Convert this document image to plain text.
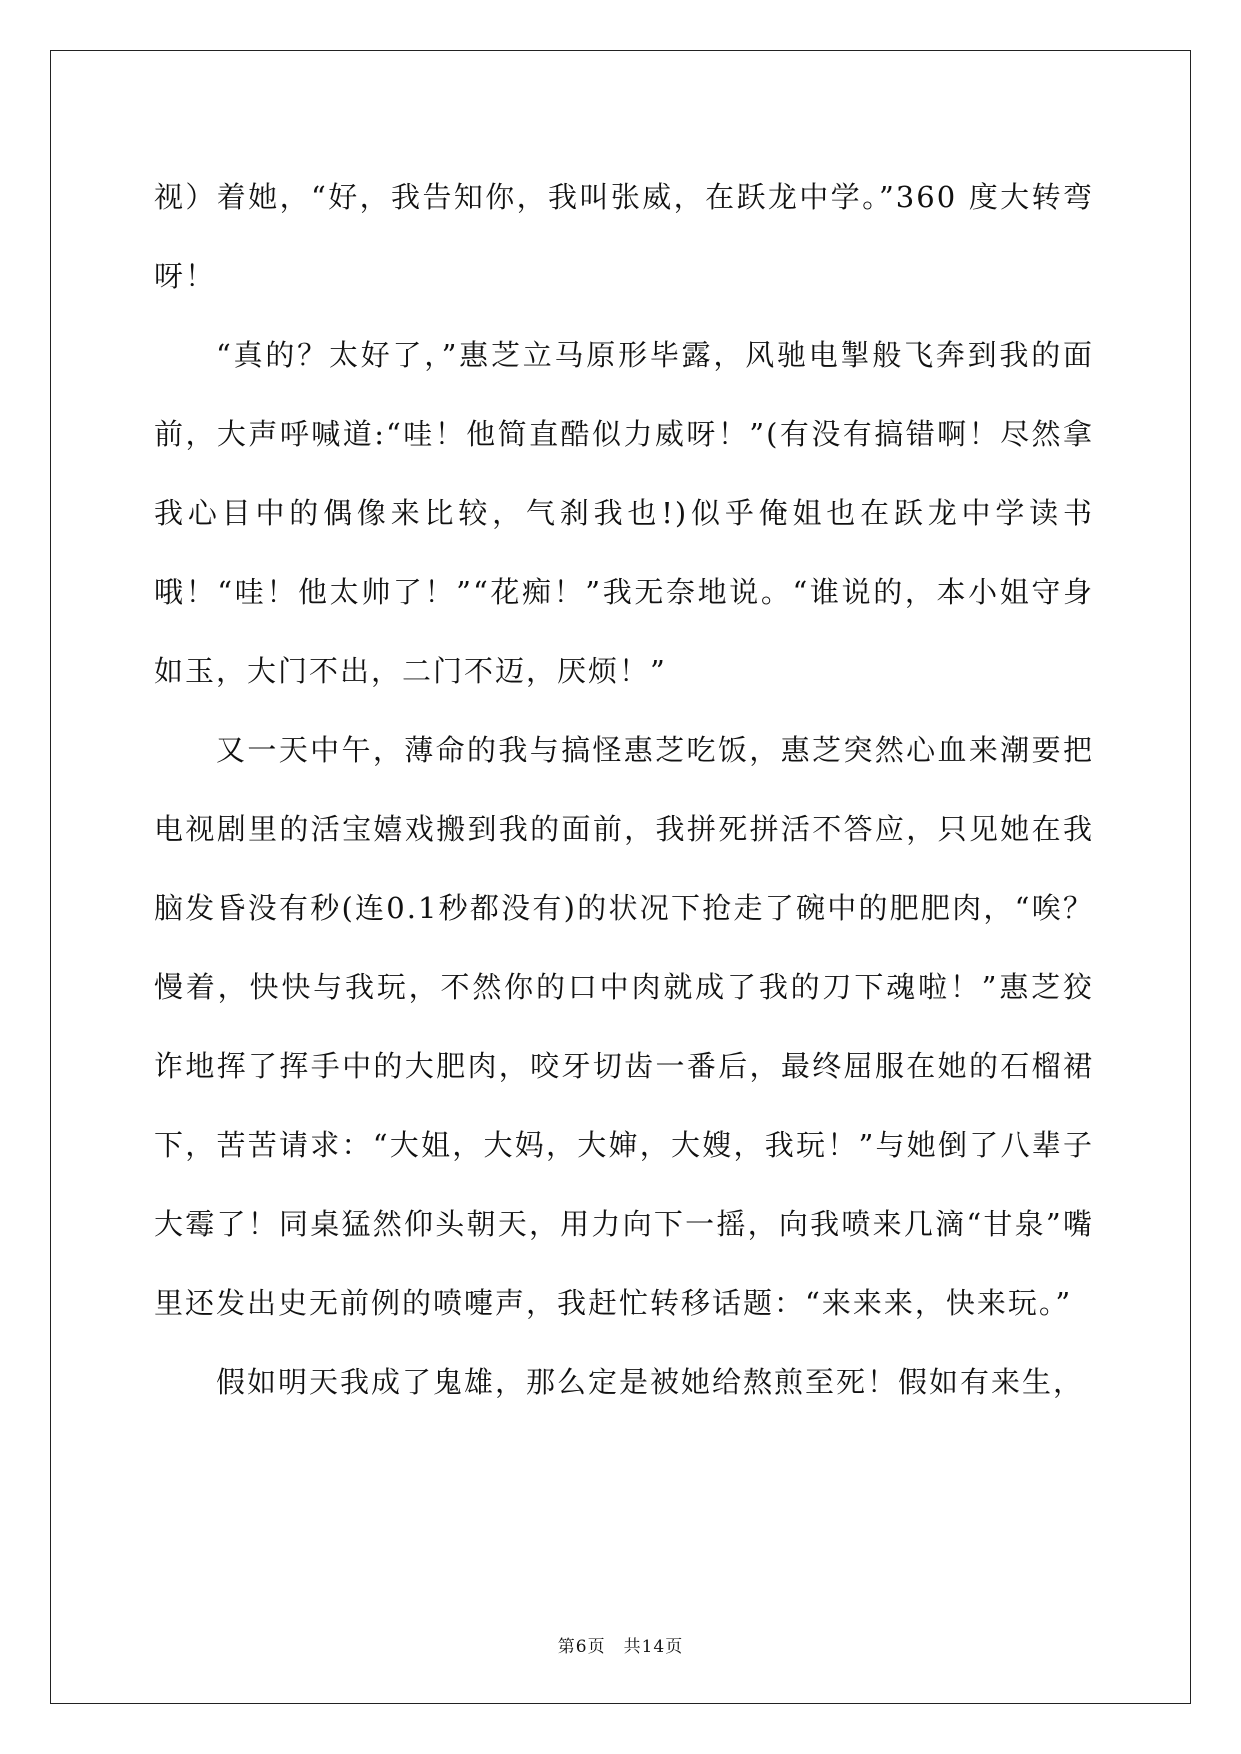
视）着她，“好，我告知你，我叫张威，在跃龙中学。”360 度大转弯呀！

“真的？太好了，”惠芝立马原形毕露，风驰电掣般飞奔到我的面前，大声呼喊道:“哇！他简直酷似力威呀！”(有没有搞错啊！尽然拿我心目中的偶像来比较，气刹我也!)似乎俺姐也在跃龙中学读书哦！“哇！他太帅了！”“花痴！”我无奈地说。“谁说的，本小姐守身如玉，大门不出，二门不迈，厌烦！”

又一天中午，薄命的我与搞怪惠芝吃饭，惠芝突然心血来潮要把电视剧里的活宝嬉戏搬到我的面前，我拼死拼活不答应，只见她在我脑发昏没有秒(连0.1秒都没有)的状况下抢走了碗中的肥肥肉，“唉？慢着，快快与我玩，不然你的口中肉就成了我的刀下魂啦！”惠芝狡诈地挥了挥手中的大肥肉，咬牙切齿一番后，最终屈服在她的石榴裙下，苦苦请求：“大姐，大妈，大婶，大嫂，我玩！”与她倒了八辈子大霉了！同桌猛然仰头朝天，用力向下一摇，向我喷来几滴“甘泉”嘴里还发出史无前例的喷嚏声，我赶忙转移话题：“来来来，快来玩。”

假如明天我成了鬼雄，那么定是被她给熬煎至死！假如有来生，

第6页 共14页
